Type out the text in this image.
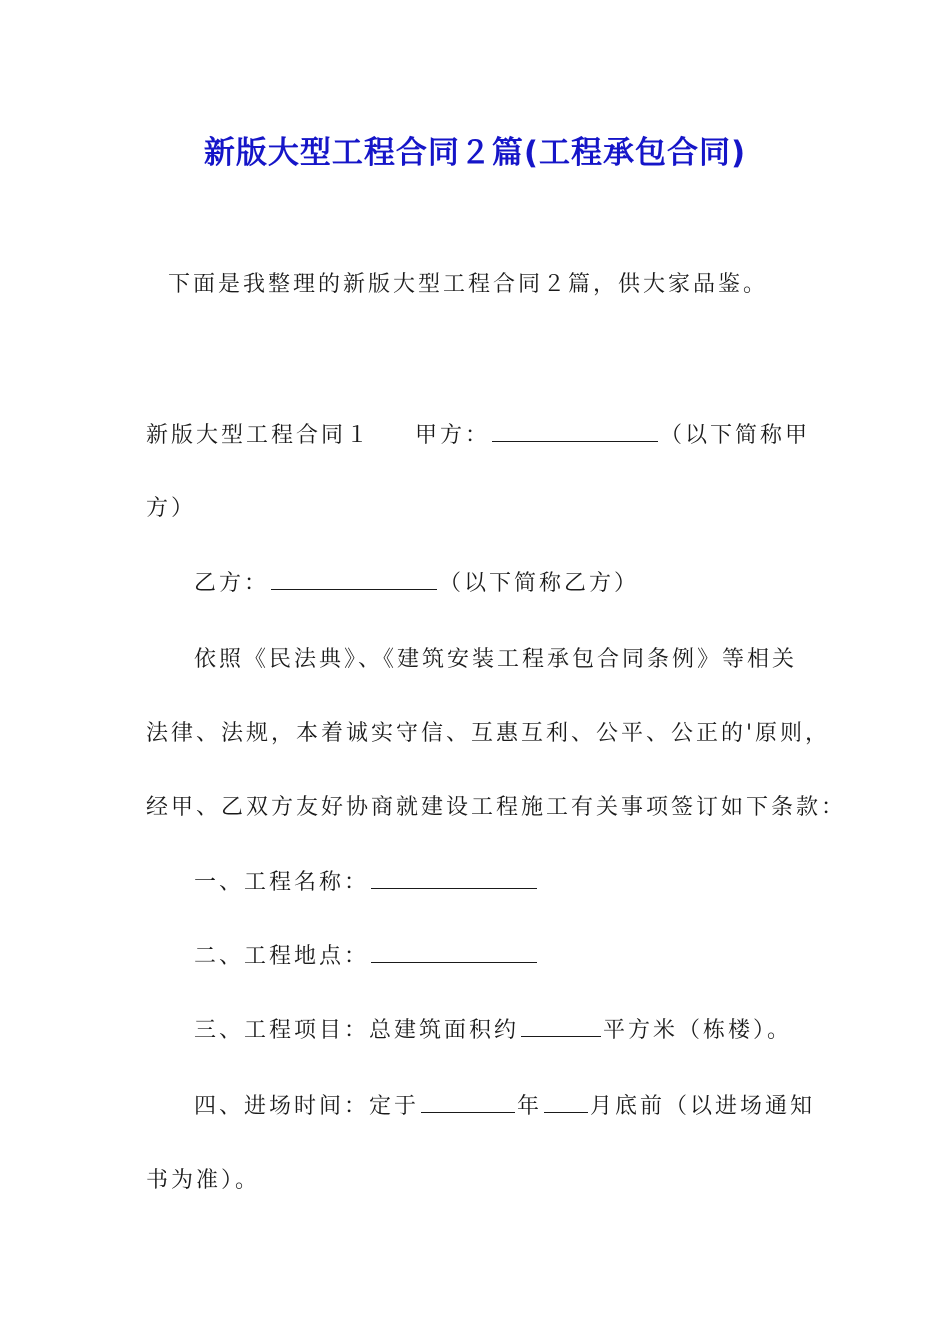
新版大型工程合同２篇(工程承包合同)
下面是我整理的新版大型工程合同２篇，供大家品鉴。
新版大型工程合同１ 甲方：	（以下简称甲
方）
乙方：	（以下简称乙方）
依照《民法典》、《建筑安装工程承包合同条例》等相关
法律、法规，本着诚实守信、互惠互利、公平、公正的'原则，
经甲、乙双方友好协商就建设工程施工有关事项签订如下条款：
一、工程名称：
二、工程地点：
三、工程项目：总建筑面积约	平方米（栋楼）。
四、进场时间：定于	年 月底前（以进场通知
书为准）。
